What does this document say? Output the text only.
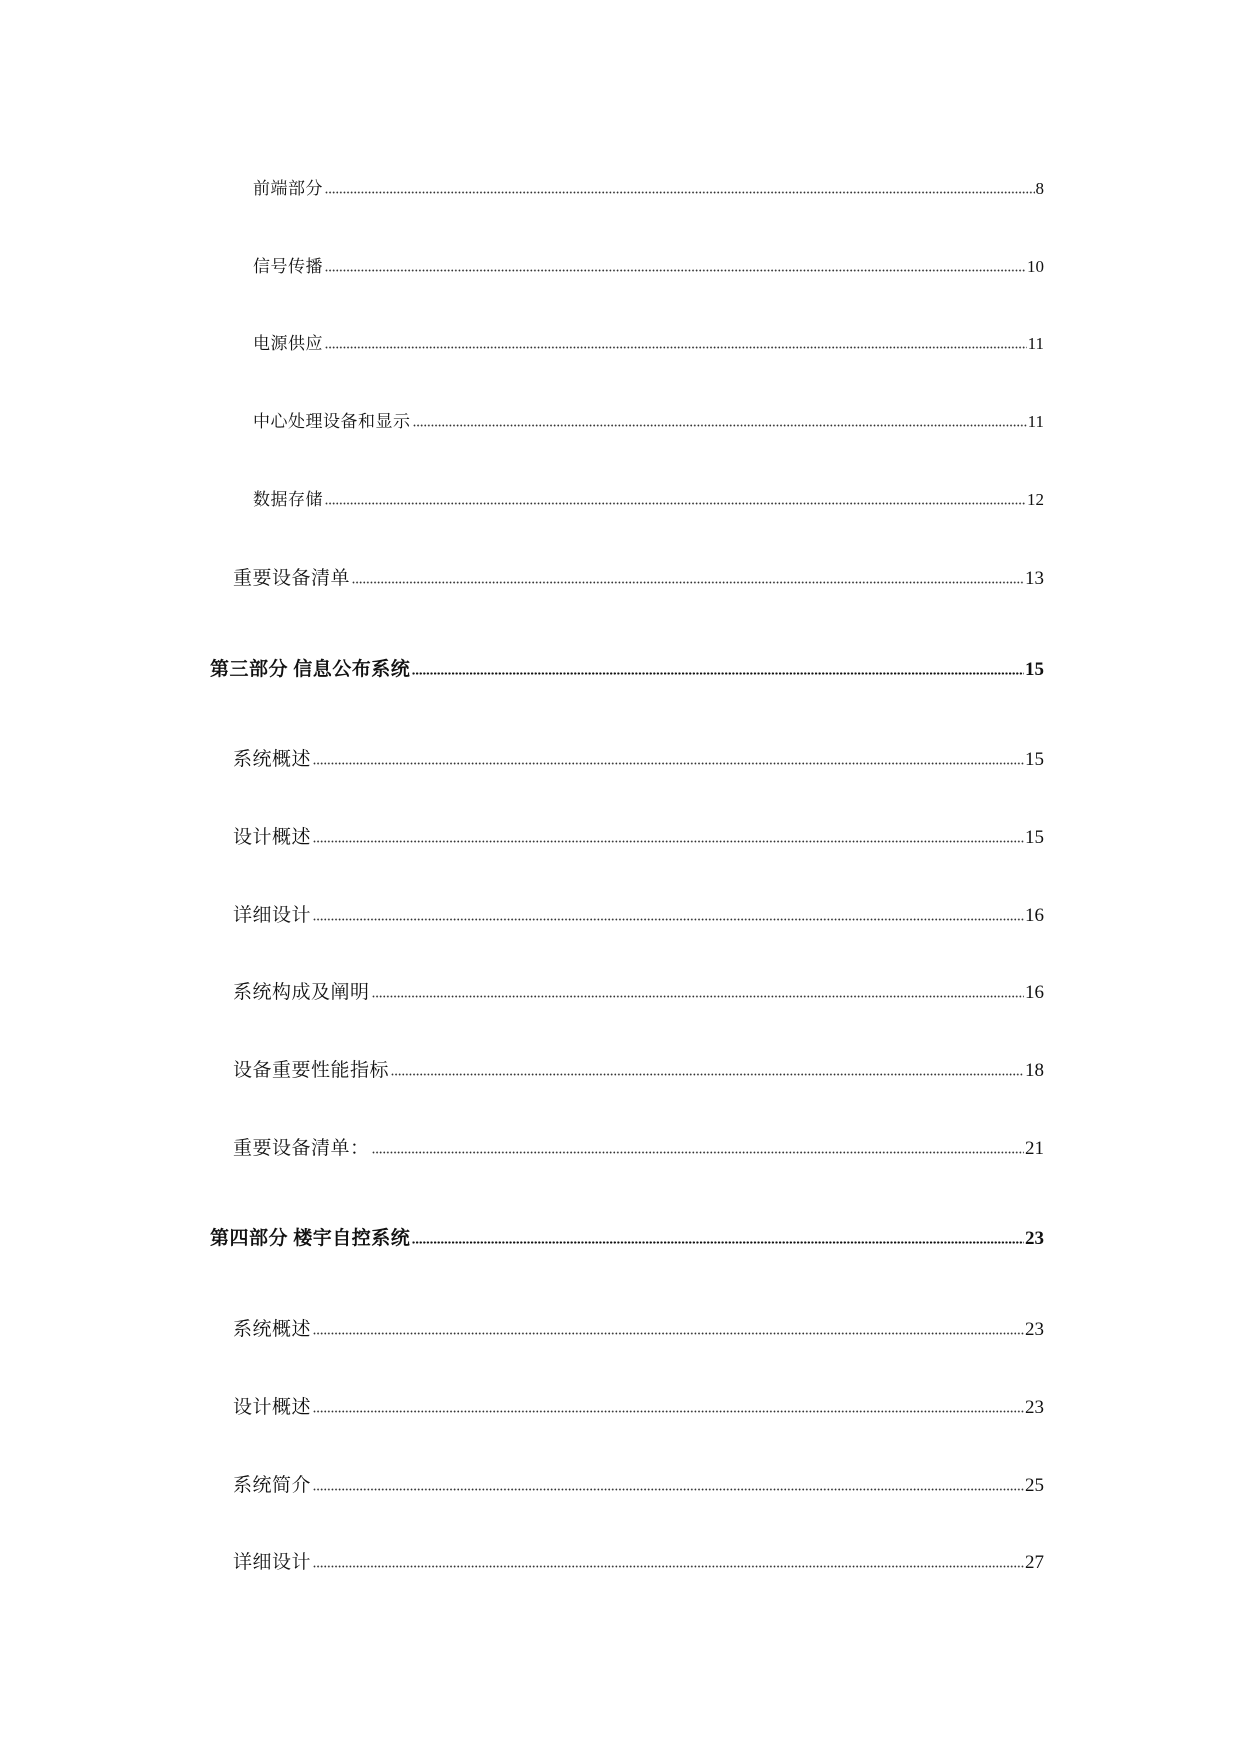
前端部分	8
信号传播	10
电源供应	11
中心处理设备和显示	11
数据存储	12
重要设备清单	13
第三部分 信息公布系统	15
系统概述	15
设计概述	15
详细设计	16
系统构成及阐明	16
设备重要性能指标	18
重要设备清单：	21
第四部分 楼宇自控系统	23
系统概述	23
设计概述	23
系统简介	25
详细设计	27
